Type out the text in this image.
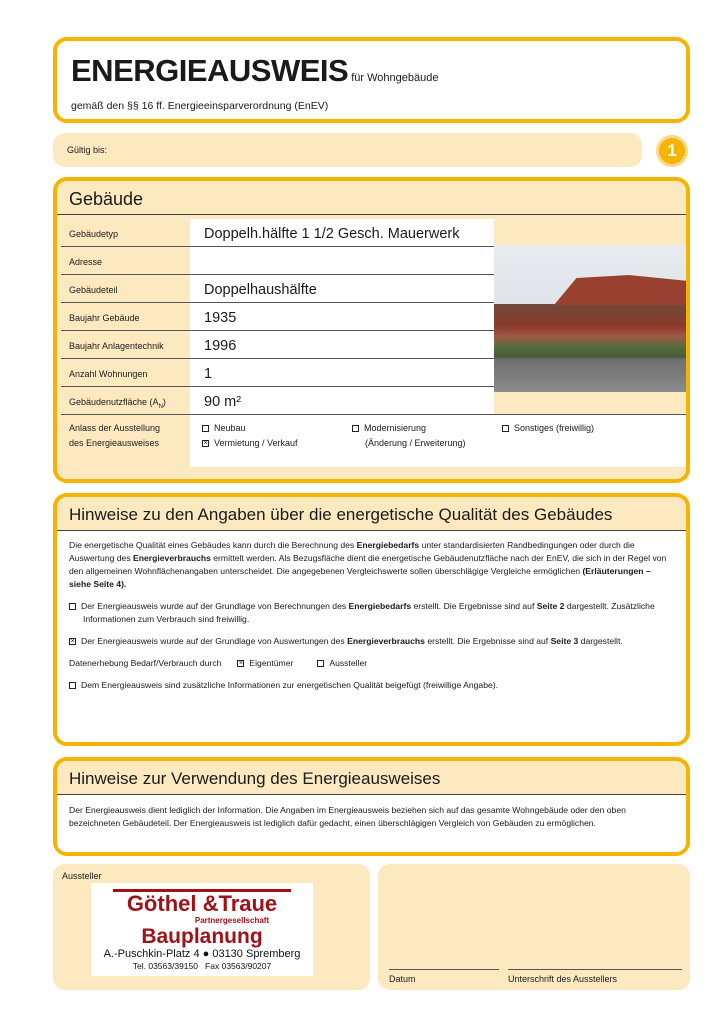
ENERGIEAUSWEIS für Wohngebäude
gemäß den §§ 16 ff. Energieeinsparverordnung (EnEV)
Gültig bis:	1
Gebäude
Gebäudetyp	Doppelh.hälfte 1 1/2 Gesch. Mauerwerk
Adresse
Gebäudeteil	Doppelhaushälfte
Baujahr Gebäude	1935
Baujahr Anlagentechnik	1996
Anzahl Wohnungen	1
Gebäudenutzfläche $(A_N)$	90 m²
Anlass der Ausstellung
des Energieausweises
Neubau
× Vermietung / Verkauf
Modernisierung
(Änderung / Erweiterung)
Sonstiges (freiwillig)
Hinweise zu den Angaben über die energetische Qualität des Gebäudes

Die energetische Qualität eines Gebäudes kann durch die Berechnung des Energiebedarfs unter standardisierten Randbedingungen oder durch die Auswertung des Energieverbrauchs ermittelt werden. Als Bezugsfläche dient die energetische Gebäudenutzfläche nach der EnEV, die sich in der Regel von den allgemeinen Wohnflächenangaben unterscheidet. Die angegebenen Vergleichswerte sollen überschlägige Vergleiche ermöglichen (Erläuterungen – siehe Seite 4).

Der Energieausweis wurde auf der Grundlage von Berechnungen des Energiebedarfs erstellt. Die Ergebnisse sind auf Seite 2 dargestellt. Zusätzliche Informationen zum Verbrauch sind freiwillig.

× Der Energieausweis wurde auf der Grundlage von Auswertungen des Energieverbrauchs erstellt. Die Ergebnisse sind auf Seite 3 dargestellt.

Datenerhebung Bedarf/Verbrauch durch × Eigentümer	Aussteller

Dem Energieausweis sind zusätzliche Informationen zur energetischen Qualität beigefügt (freiwillige Angabe).

Hinweise zur Verwendung des Energieausweises
Der Energieausweis dient lediglich der Information. Die Angaben im Energieausweis beziehen sich auf das gesamte Wohngebäude oder den oben bezeichneten Gebäudeteil. Der Energieausweis ist lediglich dafür gedacht, einen überschlägigen Vergleich von Gebäuden zu ermöglichen.
Aussteller
Göthel &Traue
Partnergesellschaft
Bauplanung
A.-Puschkin-Platz 4 ● 03130 Spremberg
Tel. 03563/39150   Fax 03563/90207
Datum	Unterschrift des Ausstellers
